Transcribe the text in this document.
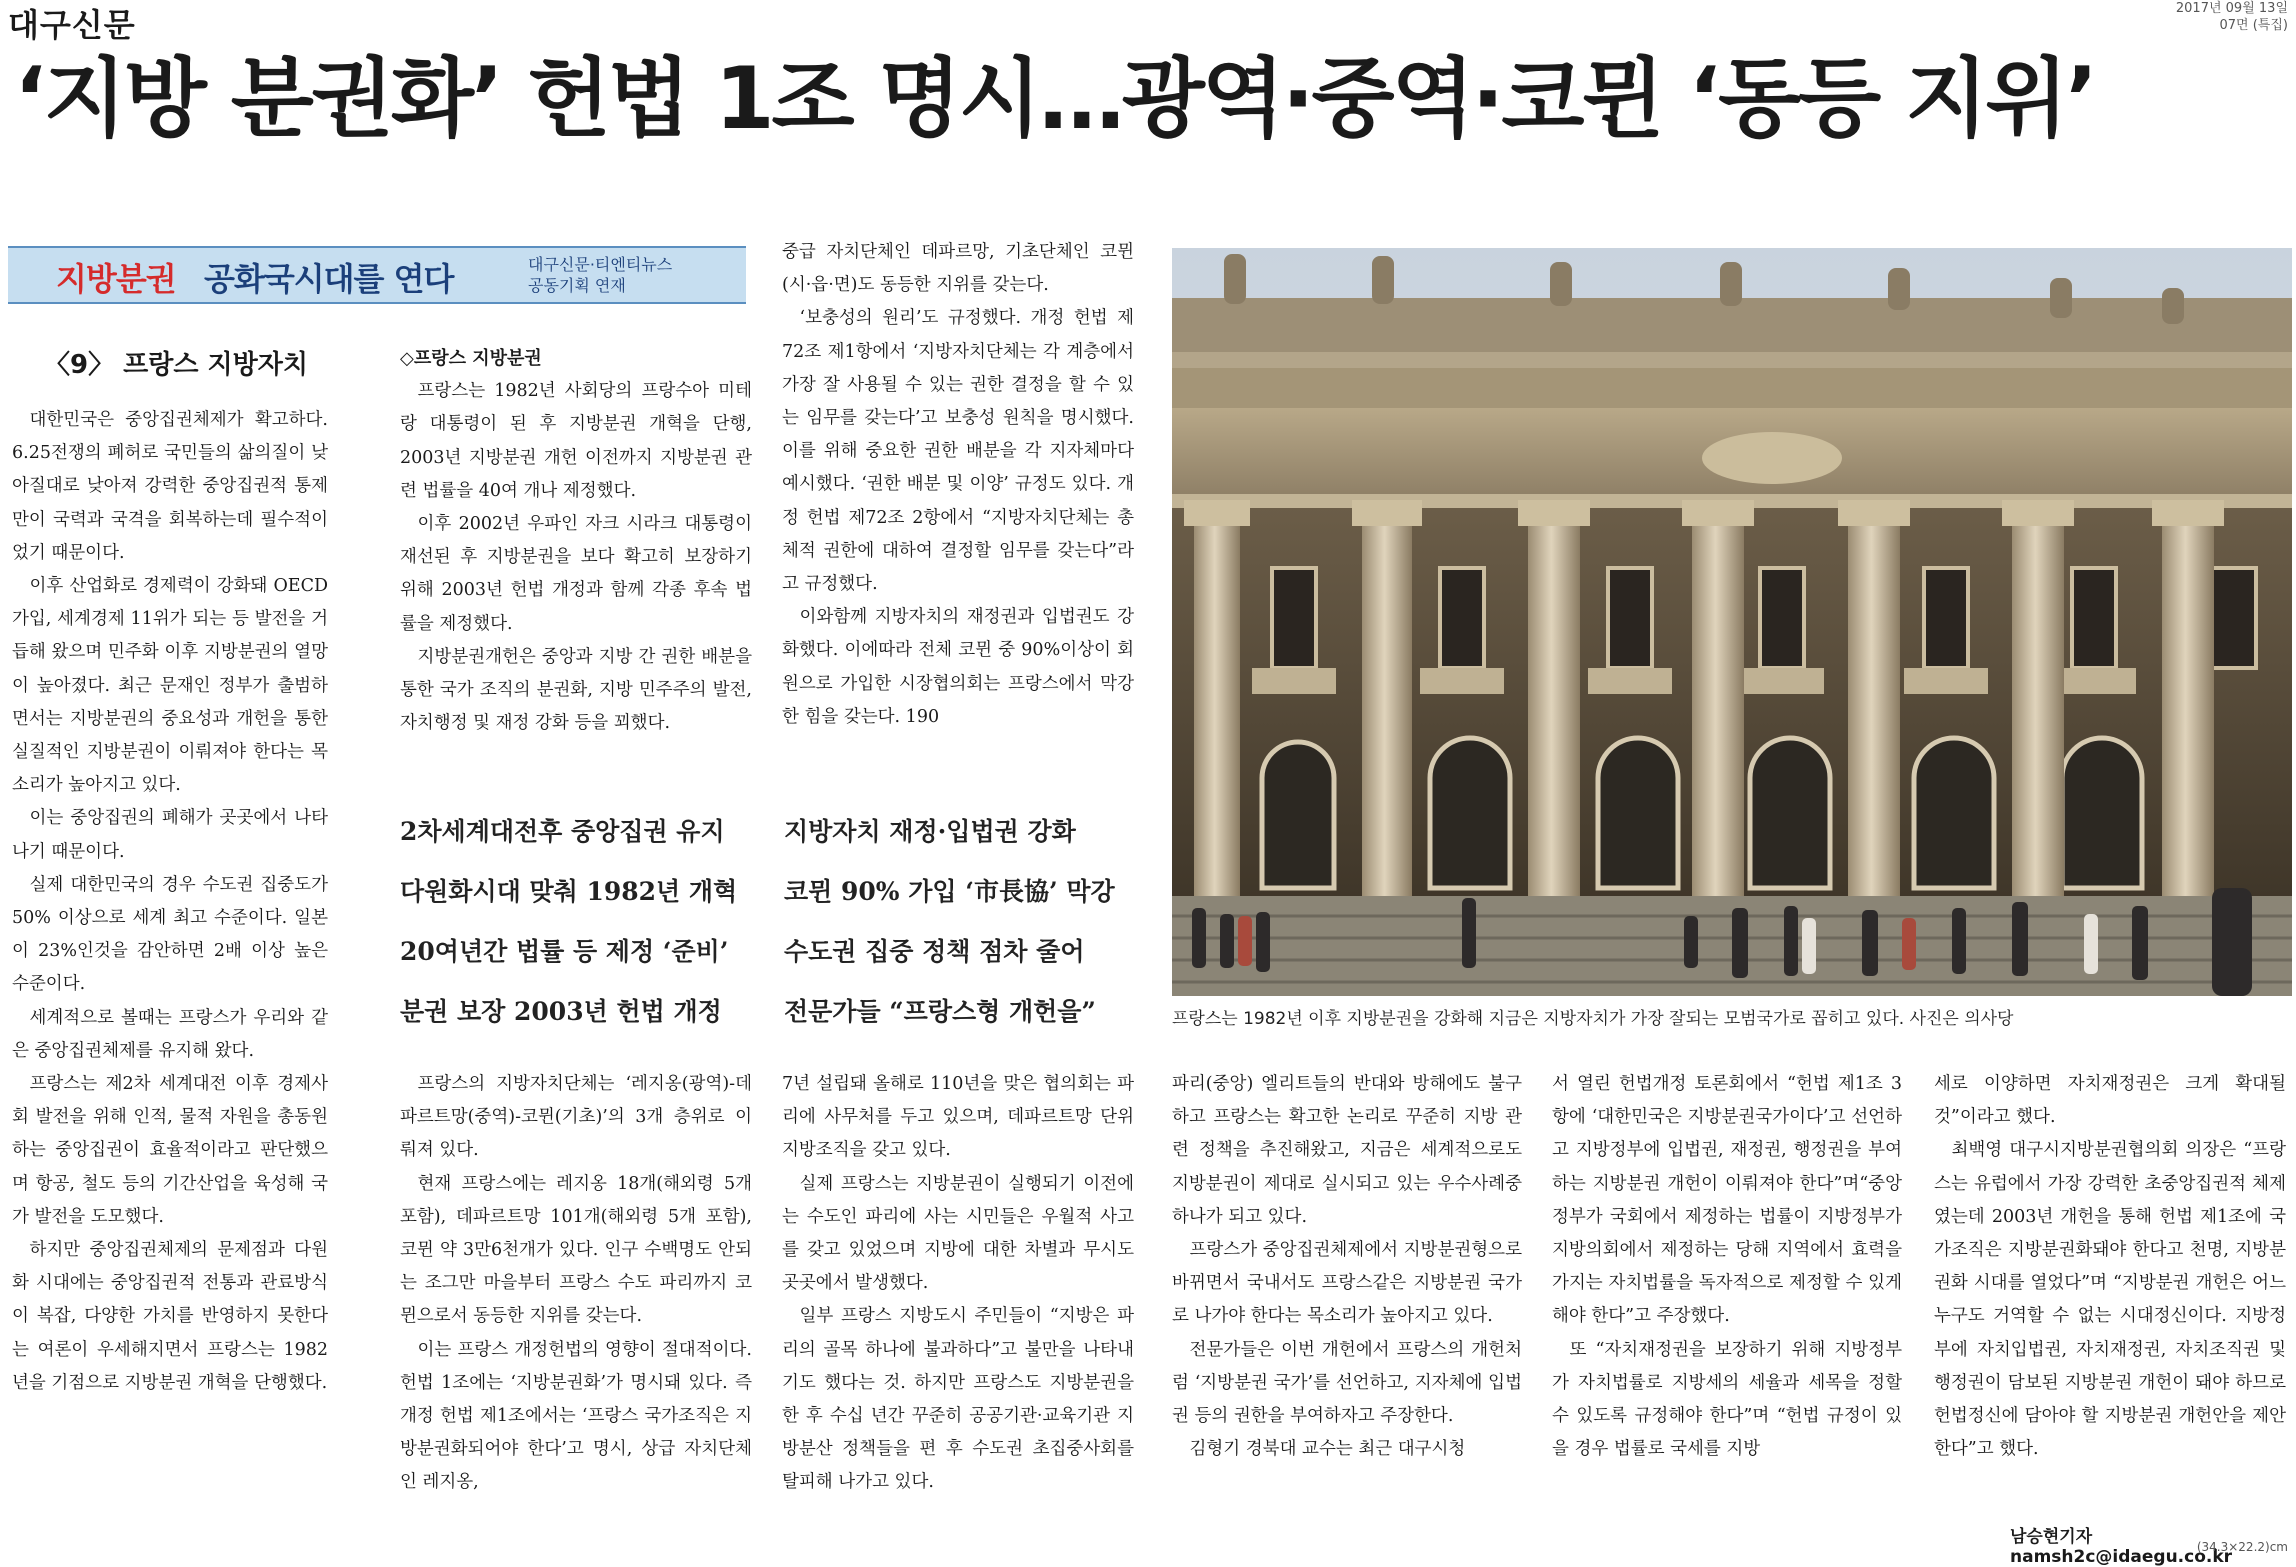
대구신문	2017년 09월 13일
07면 (특집)
‘지방 분권화’ 헌법 1조 명시…광역·중역·코뮌 ‘동등 지위’
지방분권 공화국시대를 연다	대구신문·티엔티뉴스
공동기획 연재
〈9〉 프랑스 지방자치

대한민국은 중앙집권체제가 확고하다. 6.25전쟁의 폐허로 국민들의 삶의질이 낮아질대로 낮아져 강력한 중앙집권적 통제만이 국력과 국격을 회복하는데 필수적이었기 때문이다.

이후 산업화로 경제력이 강화돼 OECD가입, 세계경제 11위가 되는 등 발전을 거듭해 왔으며 민주화 이후 지방분권의 열망이 높아졌다. 최근 문재인 정부가 출범하면서는 지방분권의 중요성과 개헌을 통한 실질적인 지방분권이 이뤄져야 한다는 목소리가 높아지고 있다.

이는 중앙집권의 폐해가 곳곳에서 나타나기 때문이다.

실제 대한민국의 경우 수도권 집중도가 50% 이상으로 세계 최고 수준이다. 일본이 23%인것을 감안하면 2배 이상 높은 수준이다.

세계적으로 볼때는 프랑스가 우리와 같은 중앙집권체제를 유지해 왔다.

프랑스는 제2차 세계대전 이후 경제사회 발전을 위해 인적, 물적 자원을 총동원하는 중앙집권이 효율적이라고 판단했으며 항공, 철도 등의 기간산업을 육성해 국가 발전을 도모했다.

하지만 중앙집권체제의 문제점과 다원화 시대에는 중앙집권적 전통과 관료방식이 복잡, 다양한 가치를 반영하지 못한다는 여론이 우세해지면서 프랑스는 1982년을 기점으로 지방분권 개혁을 단행했다.

◇프랑스 지방분권

프랑스는 1982년 사회당의 프랑수아 미테랑 대통령이 된 후 지방분권 개혁을 단행, 2003년 지방분권 개헌 이전까지 지방분권 관련 법률을 40여 개나 제정했다.

이후 2002년 우파인 자크 시라크 대통령이 재선된 후 지방분권을 보다 확고히 보장하기 위해 2003년 헌법 개정과 함께 각종 후속 법률을 제정했다.

지방분권개헌은 중앙과 지방 간 권한 배분을 통한 국가 조직의 분권화, 지방 민주주의 발전, 자치행정 및 재정 강화 등을 꾀했다.

중급 자치단체인 데파르망, 기초단체인 코뮌(시·읍·면)도 동등한 지위를 갖는다.

‘보충성의 원리’도 규정했다. 개정 헌법 제72조 제1항에서 ‘지방자치단체는 각 계층에서 가장 잘 사용될 수 있는 권한 결정을 할 수 있는 임무를 갖는다’고 보충성 원칙을 명시했다. 이를 위해 중요한 권한 배분을 각 지자체마다 예시했다. ‘권한 배분 및 이양’ 규정도 있다. 개정 헌법 제72조 2항에서 “지방자치단체는 총체적 권한에 대하여 결정할 임무를 갖는다”라고 규정했다.

이와함께 지방자치의 재정권과 입법권도 강화했다. 이에따라 전체 코뮌 중 90%이상이 회원으로 가입한 시장협의회는 프랑스에서 막강한 힘을 갖는다. 190

2차세계대전후 중앙집권 유지
다원화시대 맞춰 1982년 개혁
20여년간 법률 등 제정 ‘준비’
분권 보장 2003년 헌법 개정
지방자치 재정·입법권 강화
코뮌 90% 가입 ‘市長協’ 막강
수도권 집중 정책 점차 줄어
전문가들 “프랑스형 개헌을”

프랑스의 지방자치단체는 ‘레지옹(광역)-데파르트망(중역)-코뮌(기초)’의 3개 층위로 이뤄져 있다.

현재 프랑스에는 레지옹 18개(해외령 5개 포함), 데파르트망 101개(해외령 5개 포함), 코뮌 약 3만6천개가 있다. 인구 수백명도 안되는 조그만 마을부터 프랑스 수도 파리까지 코뮌으로서 동등한 지위를 갖는다.

이는 프랑스 개정헌법의 영향이 절대적이다. 헌법 1조에는 ‘지방분권화’가 명시돼 있다. 즉 개정 헌법 제1조에서는 ‘프랑스 국가조직은 지방분권화되어야 한다’고 명시, 상급 자치단체인 레지옹,

7년 설립돼 올해로 110년을 맞은 협의회는 파리에 사무처를 두고 있으며, 데파르트망 단위 지방조직을 갖고 있다.

실제 프랑스는 지방분권이 실행되기 이전에는 수도인 파리에 사는 시민들은 우월적 사고를 갖고 있었으며 지방에 대한 차별과 무시도 곳곳에서 발생했다.

일부 프랑스 지방도시 주민들이 “지방은 파리의 골목 하나에 불과하다”고 불만을 나타내기도 했다는 것. 하지만 프랑스도 지방분권을 한 후 수십 년간 꾸준히 공공기관·교육기관 지방분산 정책들을 편 후 수도권 초집중사회를 탈피해 나가고 있다.

프랑스는 1982년 이후 지방분권을 강화해 지금은 지방자치가 가장 잘되는 모범국가로 꼽히고 있다. 사진은 의사당

파리(중앙) 엘리트들의 반대와 방해에도 불구하고 프랑스는 확고한 논리로 꾸준히 지방 관련 정책을 추진해왔고, 지금은 세계적으로도 지방분권이 제대로 실시되고 있는 우수사례중 하나가 되고 있다.

프랑스가 중앙집권체제에서 지방분권형으로 바뀌면서 국내서도 프랑스같은 지방분권 국가로 나가야 한다는 목소리가 높아지고 있다.

전문가들은 이번 개헌에서 프랑스의 개헌처럼 ‘지방분권 국가’를 선언하고, 지자체에 입법권 등의 권한을 부여하자고 주장한다.

김형기 경북대 교수는 최근 대구시청

서 열린 헌법개정 토론회에서 “헌법 제1조 3항에 ‘대한민국은 지방분권국가이다’고 선언하고 지방정부에 입법권, 재정권, 행정권을 부여하는 지방분권 개헌이 이뤄져야 한다”며“중앙정부가 국회에서 제정하는 법률이 지방정부가 지방의회에서 제정하는 당해 지역에서 효력을 가지는 자치법률을 독자적으로 제정할 수 있게 해야 한다”고 주장했다.

또 “자치재정권을 보장하기 위해 지방정부가 자치법률로 지방세의 세율과 세목을 정할 수 있도록 규정해야 한다”며 “헌법 규정이 있을 경우 법률로 국세를 지방

세로 이양하면 자치재정권은 크게 확대될 것”이라고 했다.

최백영 대구시지방분권협의회 의장은 “프랑스는 유럽에서 가장 강력한 초중앙집권적 체제였는데 2003년 개헌을 통해 헌법 제1조에 국가조직은 지방분권화돼야 한다고 천명, 지방분권화 시대를 열었다”며 “지방분권 개헌은 어느 누구도 거역할 수 없는 시대정신이다. 지방정부에 자치입법권, 자치재정권, 자치조직권 및 행정권이 담보된 지방분권 개헌이 돼야 하므로 헌법정신에 담아야 할 지방분권 개헌안을 제안한다”고 했다.

남승현기자 namsh2c@idaegu.co.kr
(34.3×22.2)cm
